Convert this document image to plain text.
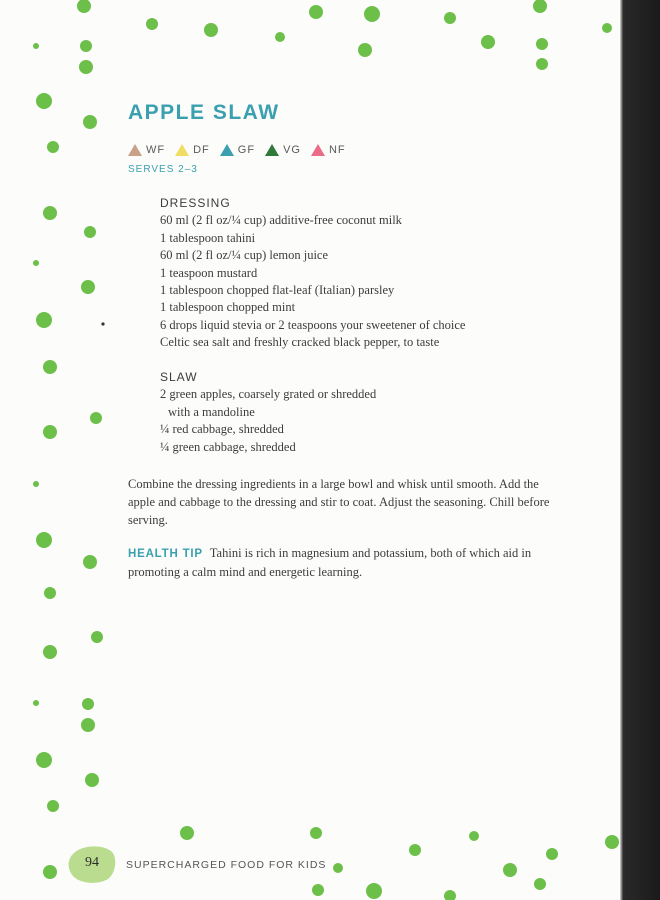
APPLE SLAW
WF	DF	GF	VG	NF
SERVES 2–3
DRESSING
60 ml (2 fl oz/¼ cup) additive-free coconut milk
1 tablespoon tahini
60 ml (2 fl oz/¼ cup) lemon juice
1 teaspoon mustard
1 tablespoon chopped flat-leaf (Italian) parsley
1 tablespoon chopped mint
6 drops liquid stevia or 2 teaspoons your sweetener of choice
Celtic sea salt and freshly cracked black pepper, to taste
SLAW
2 green apples, coarsely grated or shredded
with a mandoline
¼ red cabbage, shredded
¼ green cabbage, shredded
Combine the dressing ingredients in a large bowl and whisk until smooth. Add the apple and cabbage to the dressing and stir to coat. Adjust the seasoning. Chill before serving.
HEALTH TIP Tahini is rich in magnesium and potassium, both of which aid in promoting a calm mind and energetic learning.
94	SUPERCHARGED FOOD FOR KIDS
